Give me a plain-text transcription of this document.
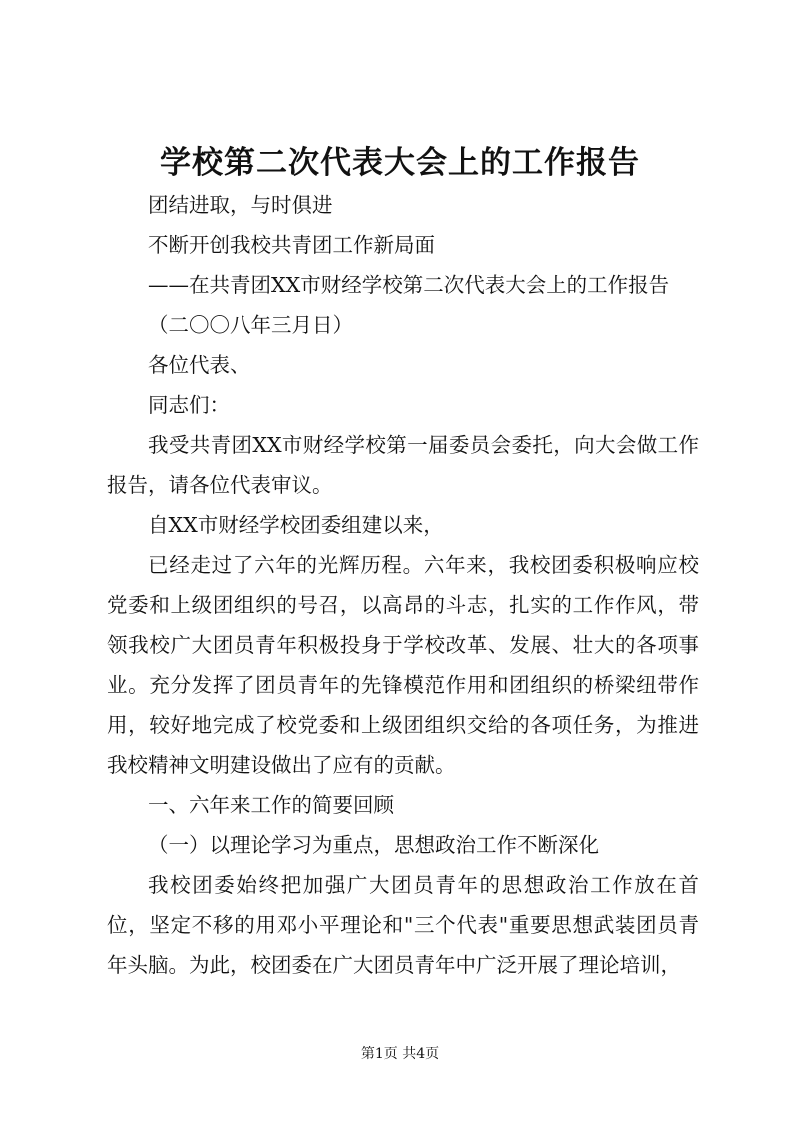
学校第二次代表大会上的工作报告

团结进取，与时俱进

不断开创我校共青团工作新局面

——在共青团XX市财经学校第二次代表大会上的工作报告

（二〇〇八年三月日）

各位代表、

同志们：

我受共青团XX市财经学校第一届委员会委托，向大会做工作报告，请各位代表审议。

自XX市财经学校团委组建以来，

已经走过了六年的光辉历程。六年来，我校团委积极响应校党委和上级团组织的号召，以高昂的斗志，扎实的工作作风，带领我校广大团员青年积极投身于学校改革、发展、壮大的各项事业。充分发挥了团员青年的先锋模范作用和团组织的桥梁纽带作用，较好地完成了校党委和上级团组织交给的各项任务，为推进我校精神文明建设做出了应有的贡献。

一、六年来工作的简要回顾

（一）以理论学习为重点，思想政治工作不断深化

我校团委始终把加强广大团员青年的思想政治工作放在首位，坚定不移的用邓小平理论和"三个代表"重要思想武装团员青年头脑。为此，校团委在广大团员青年中广泛开展了理论培训，

第1页 共4页
